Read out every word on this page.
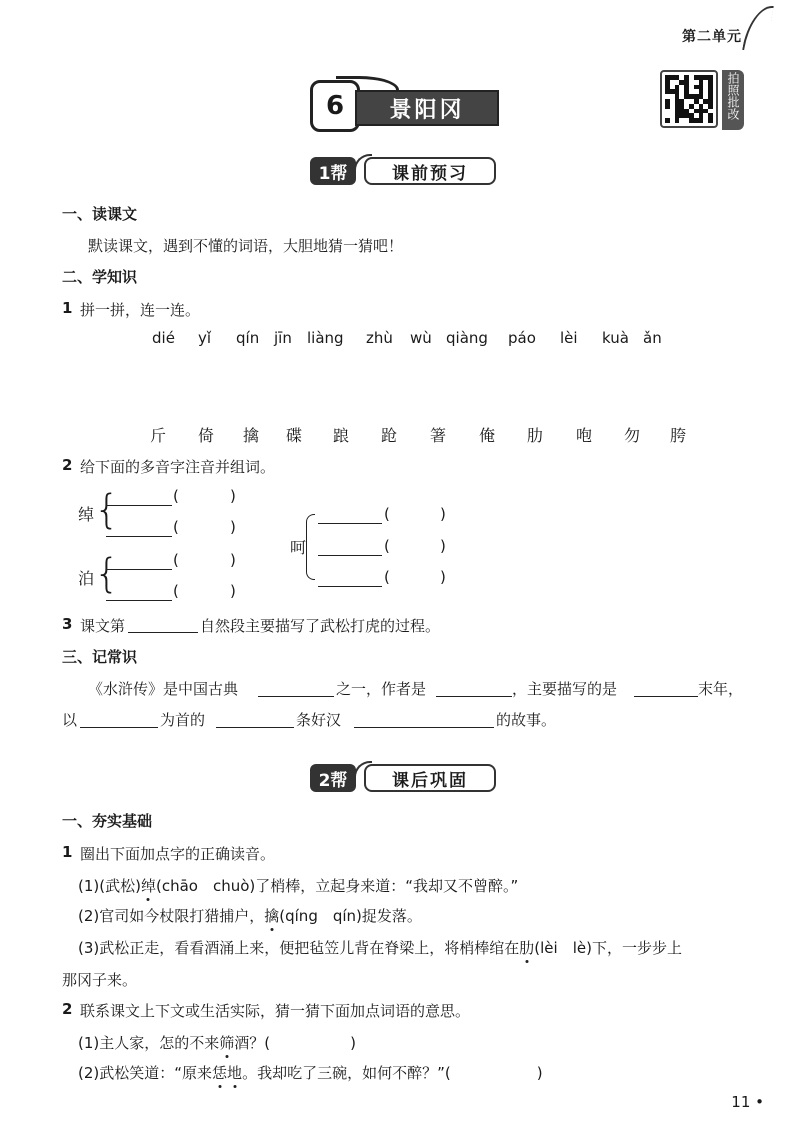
第二单元
6	景阳冈	拍照批改
1帮	课前预习
一、读课文
默读课文，遇到不懂的词语，大胆地猜一猜吧！
二、学知识
1 拼一拼，连一连。
dié yǐ qín jīn liàng zhù wù qiàng páo lèi kuà ǎn
斤 倚 擒 碟 踉 跄 箸 俺 肋 咆 勿 胯
2 给下面的多音字注音并组词。
绰 {	(	)
(	)
泊 {	(	)
(	)
呵
(	)
(	)
(	)
3 课文第	自然段主要描写了武松打虎的过程。
三、记常识
《水浒传》是中国古典	之一，作者是	，主要描写的是	末年，
以	为首的	条好汉	的故事。
2帮	课后巩固
一、夯实基础
1 圈出下面加点字的正确读音。
(1)(武松)绰(chāo　chuò)了梢棒，立起身来道：“我却又不曾醉。”
(2)官司如今杖限打猎捕户，擒(qíng　qín)捉发落。
(3)武松正走，看看酒涌上来，便把毡笠儿背在脊梁上，将梢棒绾在肋(lèi　lè)下，一步步上
那冈子来。
2 联系课文上下文或生活实际，猜一猜下面加点词语的意思。
(1)主人家，怎的不来筛酒？(	)
(2)武松笑道：“原来恁地。我却吃了三碗，如何不醉？”(	)
11 •
